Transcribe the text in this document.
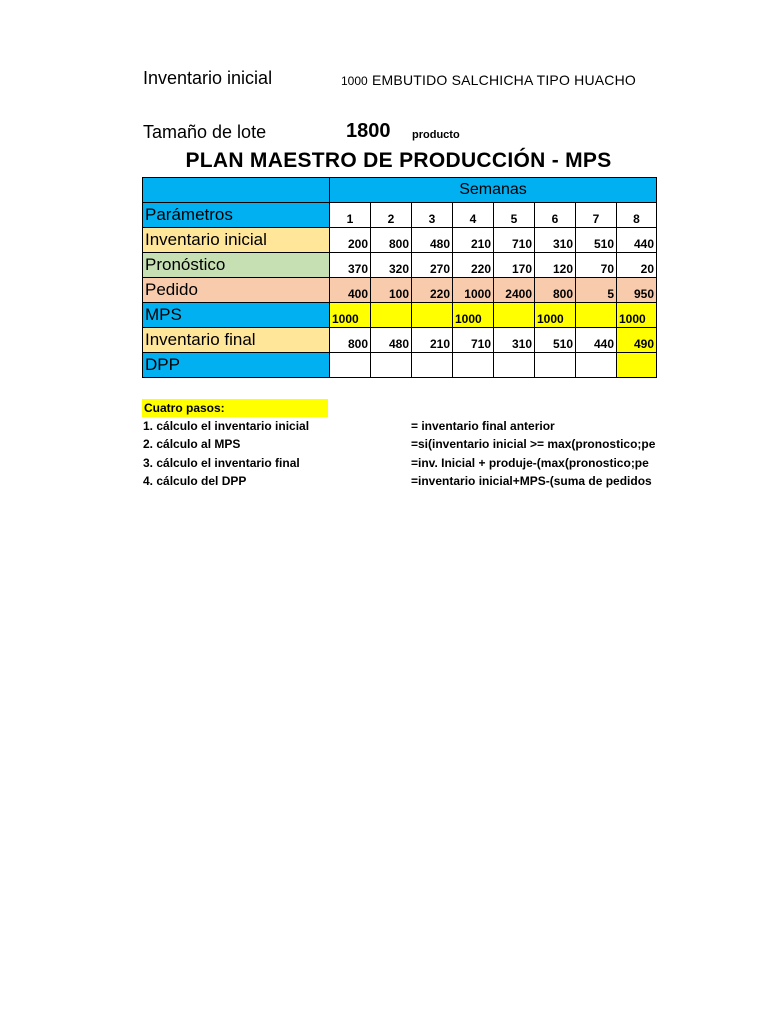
Inventario inicial	1000 EMBUTIDO SALCHICHA TIPO HUACHO
Tamaño de lote	1800 producto
PLAN MAESTRO DE PRODUCCIÓN - MPS
	Semanas							
Parámetros	1	2	3	4	5	6	7	8
Inventario inicial	200	800	480	210	710	310	510	440
Pronóstico	370	320	270	220	170	120	70	20
Pedido	400	100	220	1000	2400	800	5	950
MPS	1000			1000		1000		1000
Inventario final	800	480	210	710	310	510	440	490
DPP								
Cuatro pasos:
1. cálculo el inventario inicial	= inventario final anterior
2. cálculo al MPS	=si(inventario inicial >= max(pronostico;pe
3. cálculo el inventario final	=inv. Inicial + produje-(max(pronostico;pe
4. cálculo del DPP	=inventario inicial+MPS-(suma de pedidos
